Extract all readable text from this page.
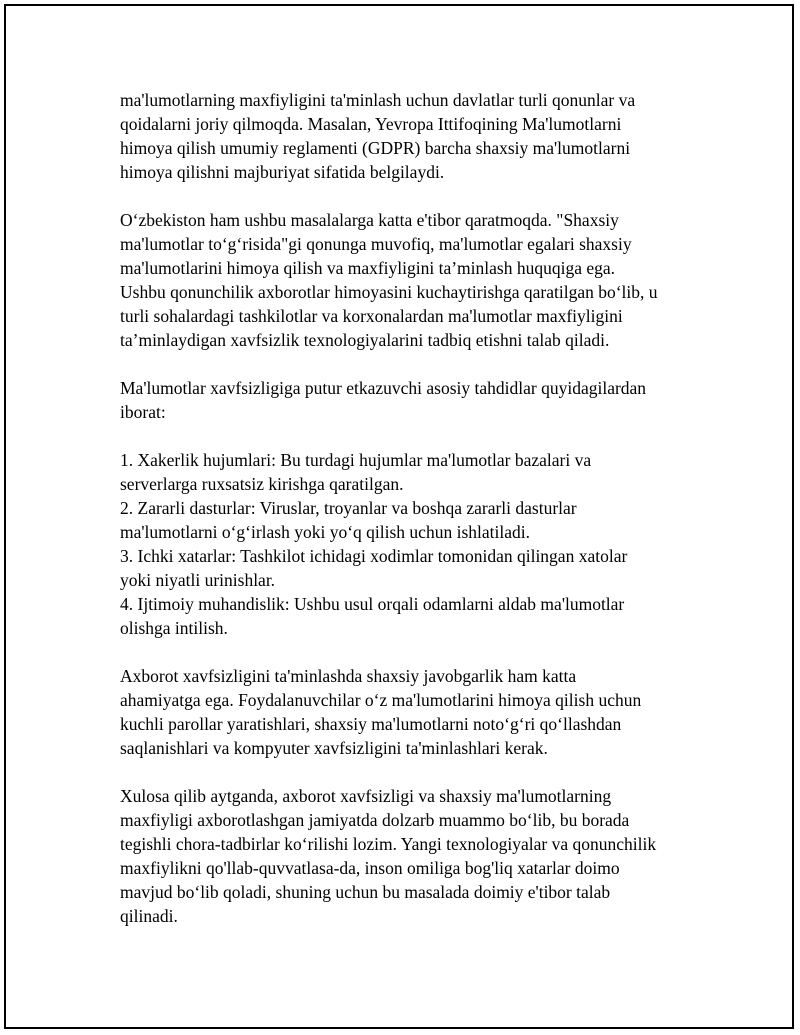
ma'lumotlarning maxfiyligini ta'minlash uchun davlatlar turli qonunlar va
qoidalarni joriy qilmoqda. Masalan, Yevropa Ittifoqining Ma'lumotlarni
himoya qilish umumiy reglamenti (GDPR) barcha shaxsiy ma'lumotlarni
himoya qilishni majburiyat sifatida belgilaydi.

O‘zbekiston ham ushbu masalalarga katta e'tibor qaratmoqda. "Shaxsiy
ma'lumotlar to‘g‘risida"gi qonunga muvofiq, ma'lumotlar egalari shaxsiy
ma'lumotlarini himoya qilish va maxfiyligini ta’minlash huquqiga ega.
Ushbu qonunchilik axborotlar himoyasini kuchaytirishga qaratilgan bo‘lib, u
turli sohalardagi tashkilotlar va korxonalardan ma'lumotlar maxfiyligini
ta’minlaydigan xavfsizlik texnologiyalarini tadbiq etishni talab qiladi.

Ma'lumotlar xavfsizligiga putur etkazuvchi asosiy tahdidlar quyidagilardan
iborat:

1. Xakerlik hujumlari: Bu turdagi hujumlar ma'lumotlar bazalari va
serverlarga ruxsatsiz kirishga qaratilgan.
2. Zararli dasturlar: Viruslar, troyanlar va boshqa zararli dasturlar
ma'lumotlarni o‘g‘irlash yoki yo‘q qilish uchun ishlatiladi.
3. Ichki xatarlar: Tashkilot ichidagi xodimlar tomonidan qilingan xatolar
yoki niyatli urinishlar.
4. Ijtimoiy muhandislik: Ushbu usul orqali odamlarni aldab ma'lumotlar
olishga intilish.

Axborot xavfsizligini ta'minlashda shaxsiy javobgarlik ham katta
ahamiyatga ega. Foydalanuvchilar o‘z ma'lumotlarini himoya qilish uchun
kuchli parollar yaratishlari, shaxsiy ma'lumotlarni noto‘g‘ri qo‘llashdan
saqlanishlari va kompyuter xavfsizligini ta'minlashlari kerak.

Xulosa qilib aytganda, axborot xavfsizligi va shaxsiy ma'lumotlarning
maxfiyligi axborotlashgan jamiyatda dolzarb muammo bo‘lib, bu borada
tegishli chora-tadbirlar ko‘rilishi lozim. Yangi texnologiyalar va qonunchilik
maxfiylikni qo'llab-quvvatlasa-da, inson omiliga bog'liq xatarlar doimo
mavjud bo‘lib qoladi, shuning uchun bu masalada doimiy e'tibor talab
qilinadi.
